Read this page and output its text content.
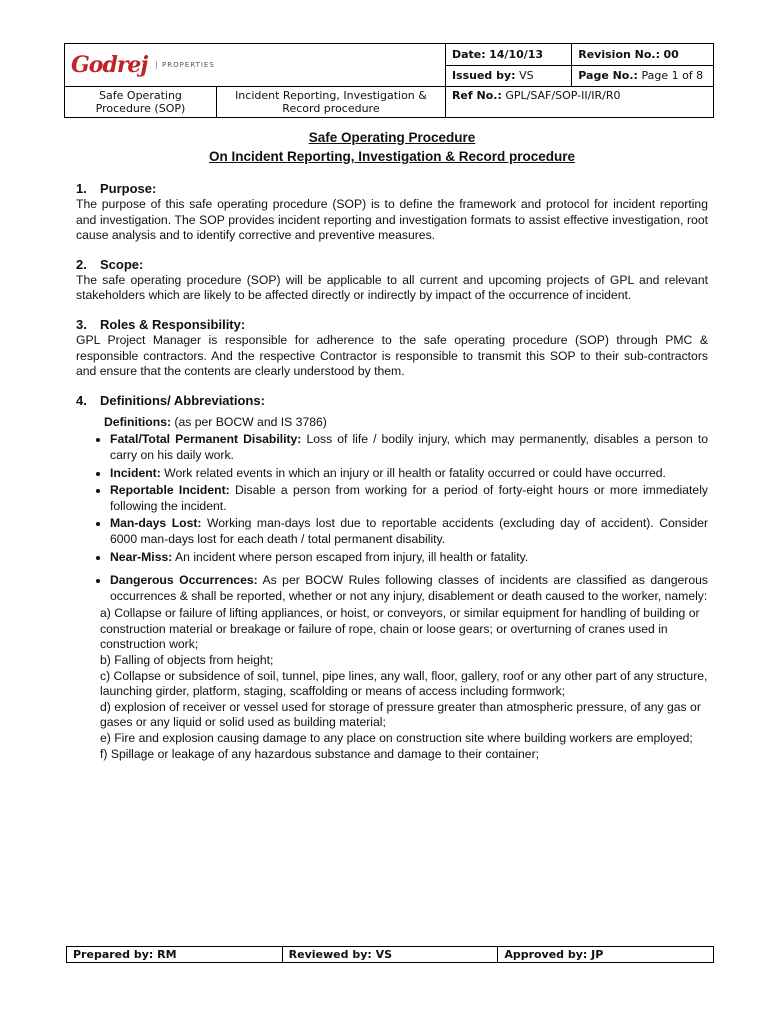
Godrej | PROPERTIES		Date: 14/10/13	Revision No.: 00
		Issued by: VS	Page No.: Page 1 of 8
Safe Operating Procedure (SOP)	Incident Reporting, Investigation & Record procedure	Ref No.: GPL/SAF/SOP-II/IR/R0	
Safe Operating Procedure
On Incident Reporting, Investigation & Record procedure
1. Purpose:

The purpose of this safe operating procedure (SOP) is to define the framework and protocol for incident reporting and investigation. The SOP provides incident reporting and investigation formats to assist effective investigation, root cause analysis and to identify corrective and preventive measures.

2. Scope:

The safe operating procedure (SOP) will be applicable to all current and upcoming projects of GPL and relevant stakeholders which are likely to be affected directly or indirectly by impact of the occurrence of incident.

3. Roles & Responsibility:

GPL Project Manager is responsible for adherence to the safe operating procedure (SOP) through PMC & responsible contractors. And the respective Contractor is responsible to transmit this SOP to their sub-contractors and ensure that the contents are clearly understood by them.

4. Definitions/ Abbreviations:
Definitions: (as per BOCW and IS 3786)
• Fatal/Total Permanent Disability: Loss of life / bodily injury, which may permanently, disables a person to carry on his daily work.
• Incident: Work related events in which an injury or ill health or fatality occurred or could have occurred.
• Reportable Incident: Disable a person from working for a period of forty-eight hours or more immediately following the incident.
• Man-days Lost: Working man-days lost due to reportable accidents (excluding day of accident). Consider 6000 man-days lost for each death / total permanent disability.
• Near-Miss: An incident where person escaped from injury, ill health or fatality.
• Dangerous Occurrences: As per BOCW Rules following classes of incidents are classified as dangerous occurrences & shall be reported, whether or not any injury, disablement or death caused to the worker, namely:
a) Collapse or failure of lifting appliances, or hoist, or conveyors, or similar equipment for handling of building or construction material or breakage or failure of rope, chain or loose gears; or overturning of cranes used in construction work;
b) Falling of objects from height;
c) Collapse or subsidence of soil, tunnel, pipe lines, any wall, floor, gallery, roof or any other part of any structure, launching girder, platform, staging, scaffolding or means of access including formwork;
d) explosion of receiver or vessel used for storage of pressure greater than atmospheric pressure, of any gas or gases or any liquid or solid used as building material;
e) Fire and explosion causing damage to any place on construction site where building workers are employed;
f) Spillage or leakage of any hazardous substance and damage to their container;
Prepared by: RM	Reviewed by: VS	Approved by: JP
